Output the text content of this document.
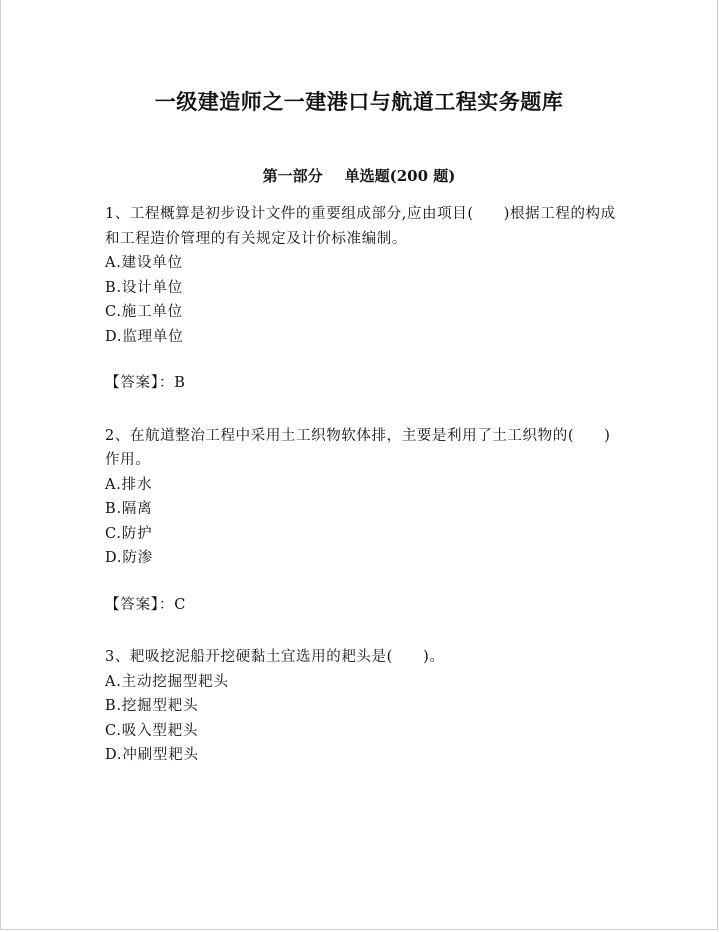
一级建造师之一建港口与航道工程实务题库
第一部分 单选题(200 题)

1、工程概算是初步设计文件的重要组成部分,应由项目(　　)根据工程的构成和工程造价管理的有关规定及计价标准编制。

A.建设单位
B.设计单位
C.施工单位
D.监理单位

【答案】：B

2、在航道整治工程中采用土工织物软体排，主要是利用了土工织物的(　　)作用。

A.排水
B.隔离
C.防护
D.防渗

【答案】：C

3、耙吸挖泥船开挖硬黏土宜选用的耙头是(　　)。

A.主动挖掘型耙头
B.挖掘型耙头
C.吸入型耙头
D.冲刷型耙头
